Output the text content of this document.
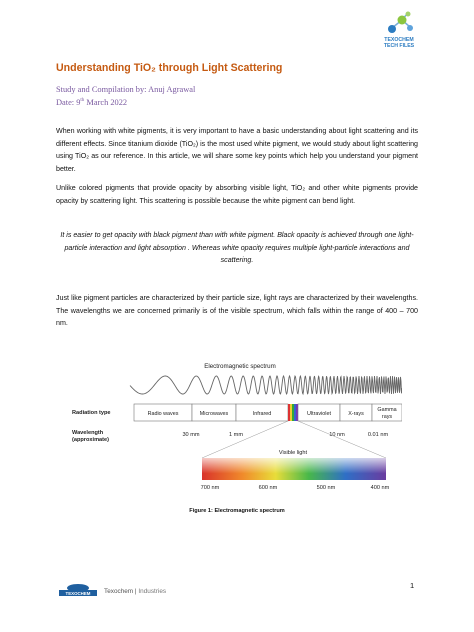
TEXOCHEM
TECH FILES
Understanding TiO₂ through Light Scattering
Study and Compilation by: Anuj Agrawal
Date: 9th March 2022

When working with white pigments, it is very important to have a basic understanding about light scattering and its different effects. Since titanium dioxide (TiO₂) is the most used white pigment, we would study about light scattering using TiO₂ as our reference. In this article, we will share some key points which help you understand your pigment better.

Unlike colored pigments that provide opacity by absorbing visible light, TiO₂ and other white pigments provide opacity by scattering light. This scattering is possible because the white pigment can bend light.

It is easier to get opacity with black pigment than with white pigment. Black opacity is achieved through one light-particle interaction and light absorption . Whereas white opacity requires multiple light-particle interactions and scattering.

Just like pigment particles are characterized by their particle size, light rays are characterized by their wavelengths. The wavelengths we are concerned primarily is of the visible spectrum, which falls within the range of 400 – 700 nm.

Electromagnetic spectrum
Radiation type	Radio waves	Microwaves	Infrared	Ultraviolet	X-rays
Gamma
rays
Wavelength
(approximate)
30 mm	1 mm	10 nm	0.01 nm
Visible light
700 nm	600 nm	500 nm	400 nm
Figure 1: Electromagnetic spectrum
1
TEXOCHEM Texochem | Industries
